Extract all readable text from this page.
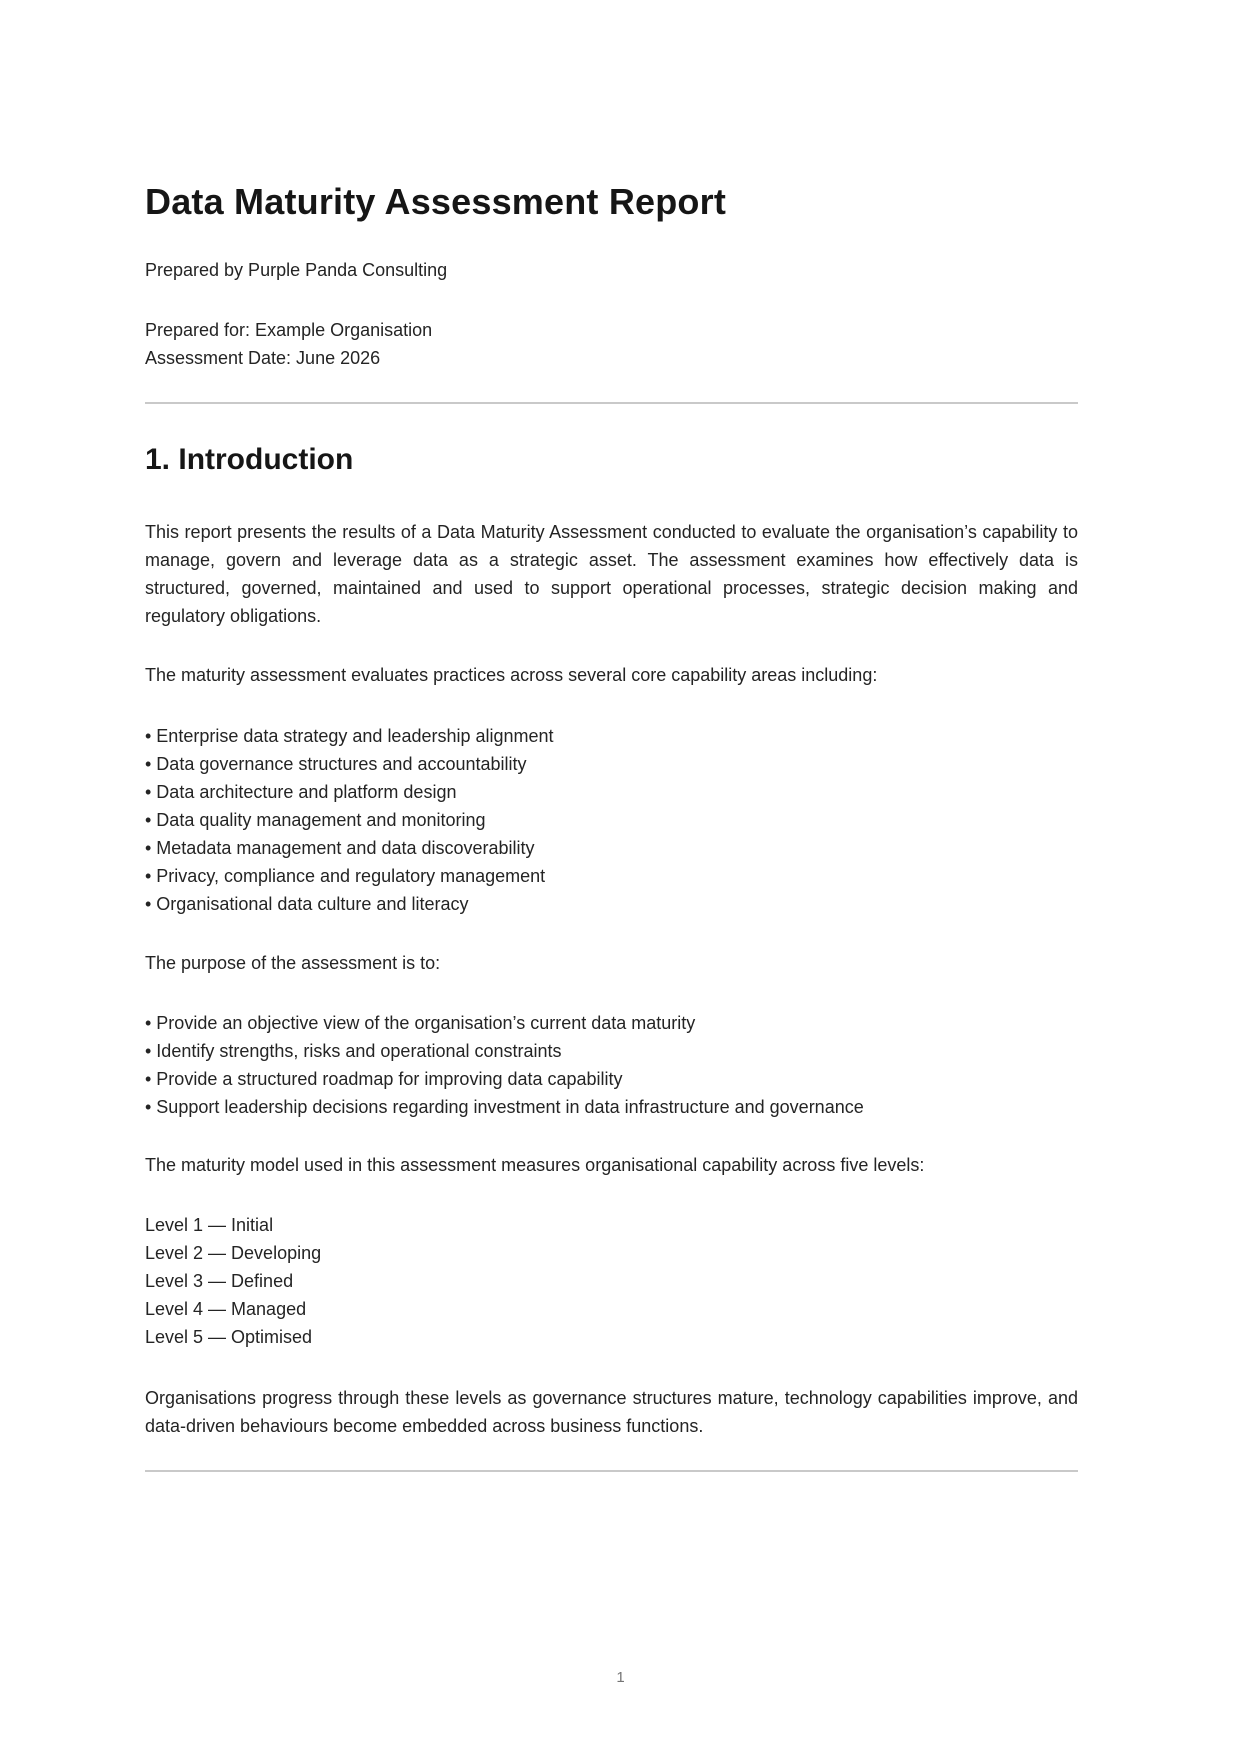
Data Maturity Assessment Report

Prepared by Purple Panda Consulting

Prepared for: Example Organisation

Assessment Date: June 2026

1. Introduction

This report presents the results of a Data Maturity Assessment conducted to evaluate the organisation’s capability to manage, govern and leverage data as a strategic asset. The assessment examines how effectively data is structured, governed, maintained and used to support operational processes, strategic decision making and regulatory obligations.

The maturity assessment evaluates practices across several core capability areas including:

• Enterprise data strategy and leadership alignment
• Data governance structures and accountability
• Data architecture and platform design
• Data quality management and monitoring
• Metadata management and data discoverability
• Privacy, compliance and regulatory management
• Organisational data culture and literacy

The purpose of the assessment is to:

• Provide an objective view of the organisation’s current data maturity
• Identify strengths, risks and operational constraints
• Provide a structured roadmap for improving data capability
• Support leadership decisions regarding investment in data infrastructure and governance

The maturity model used in this assessment measures organisational capability across five levels:

Level 1 — Initial
Level 2 — Developing
Level 3 — Defined
Level 4 — Managed
Level 5 — Optimised

Organisations progress through these levels as governance structures mature, technology capabilities improve, and data-driven behaviours become embedded across business functions.

1
